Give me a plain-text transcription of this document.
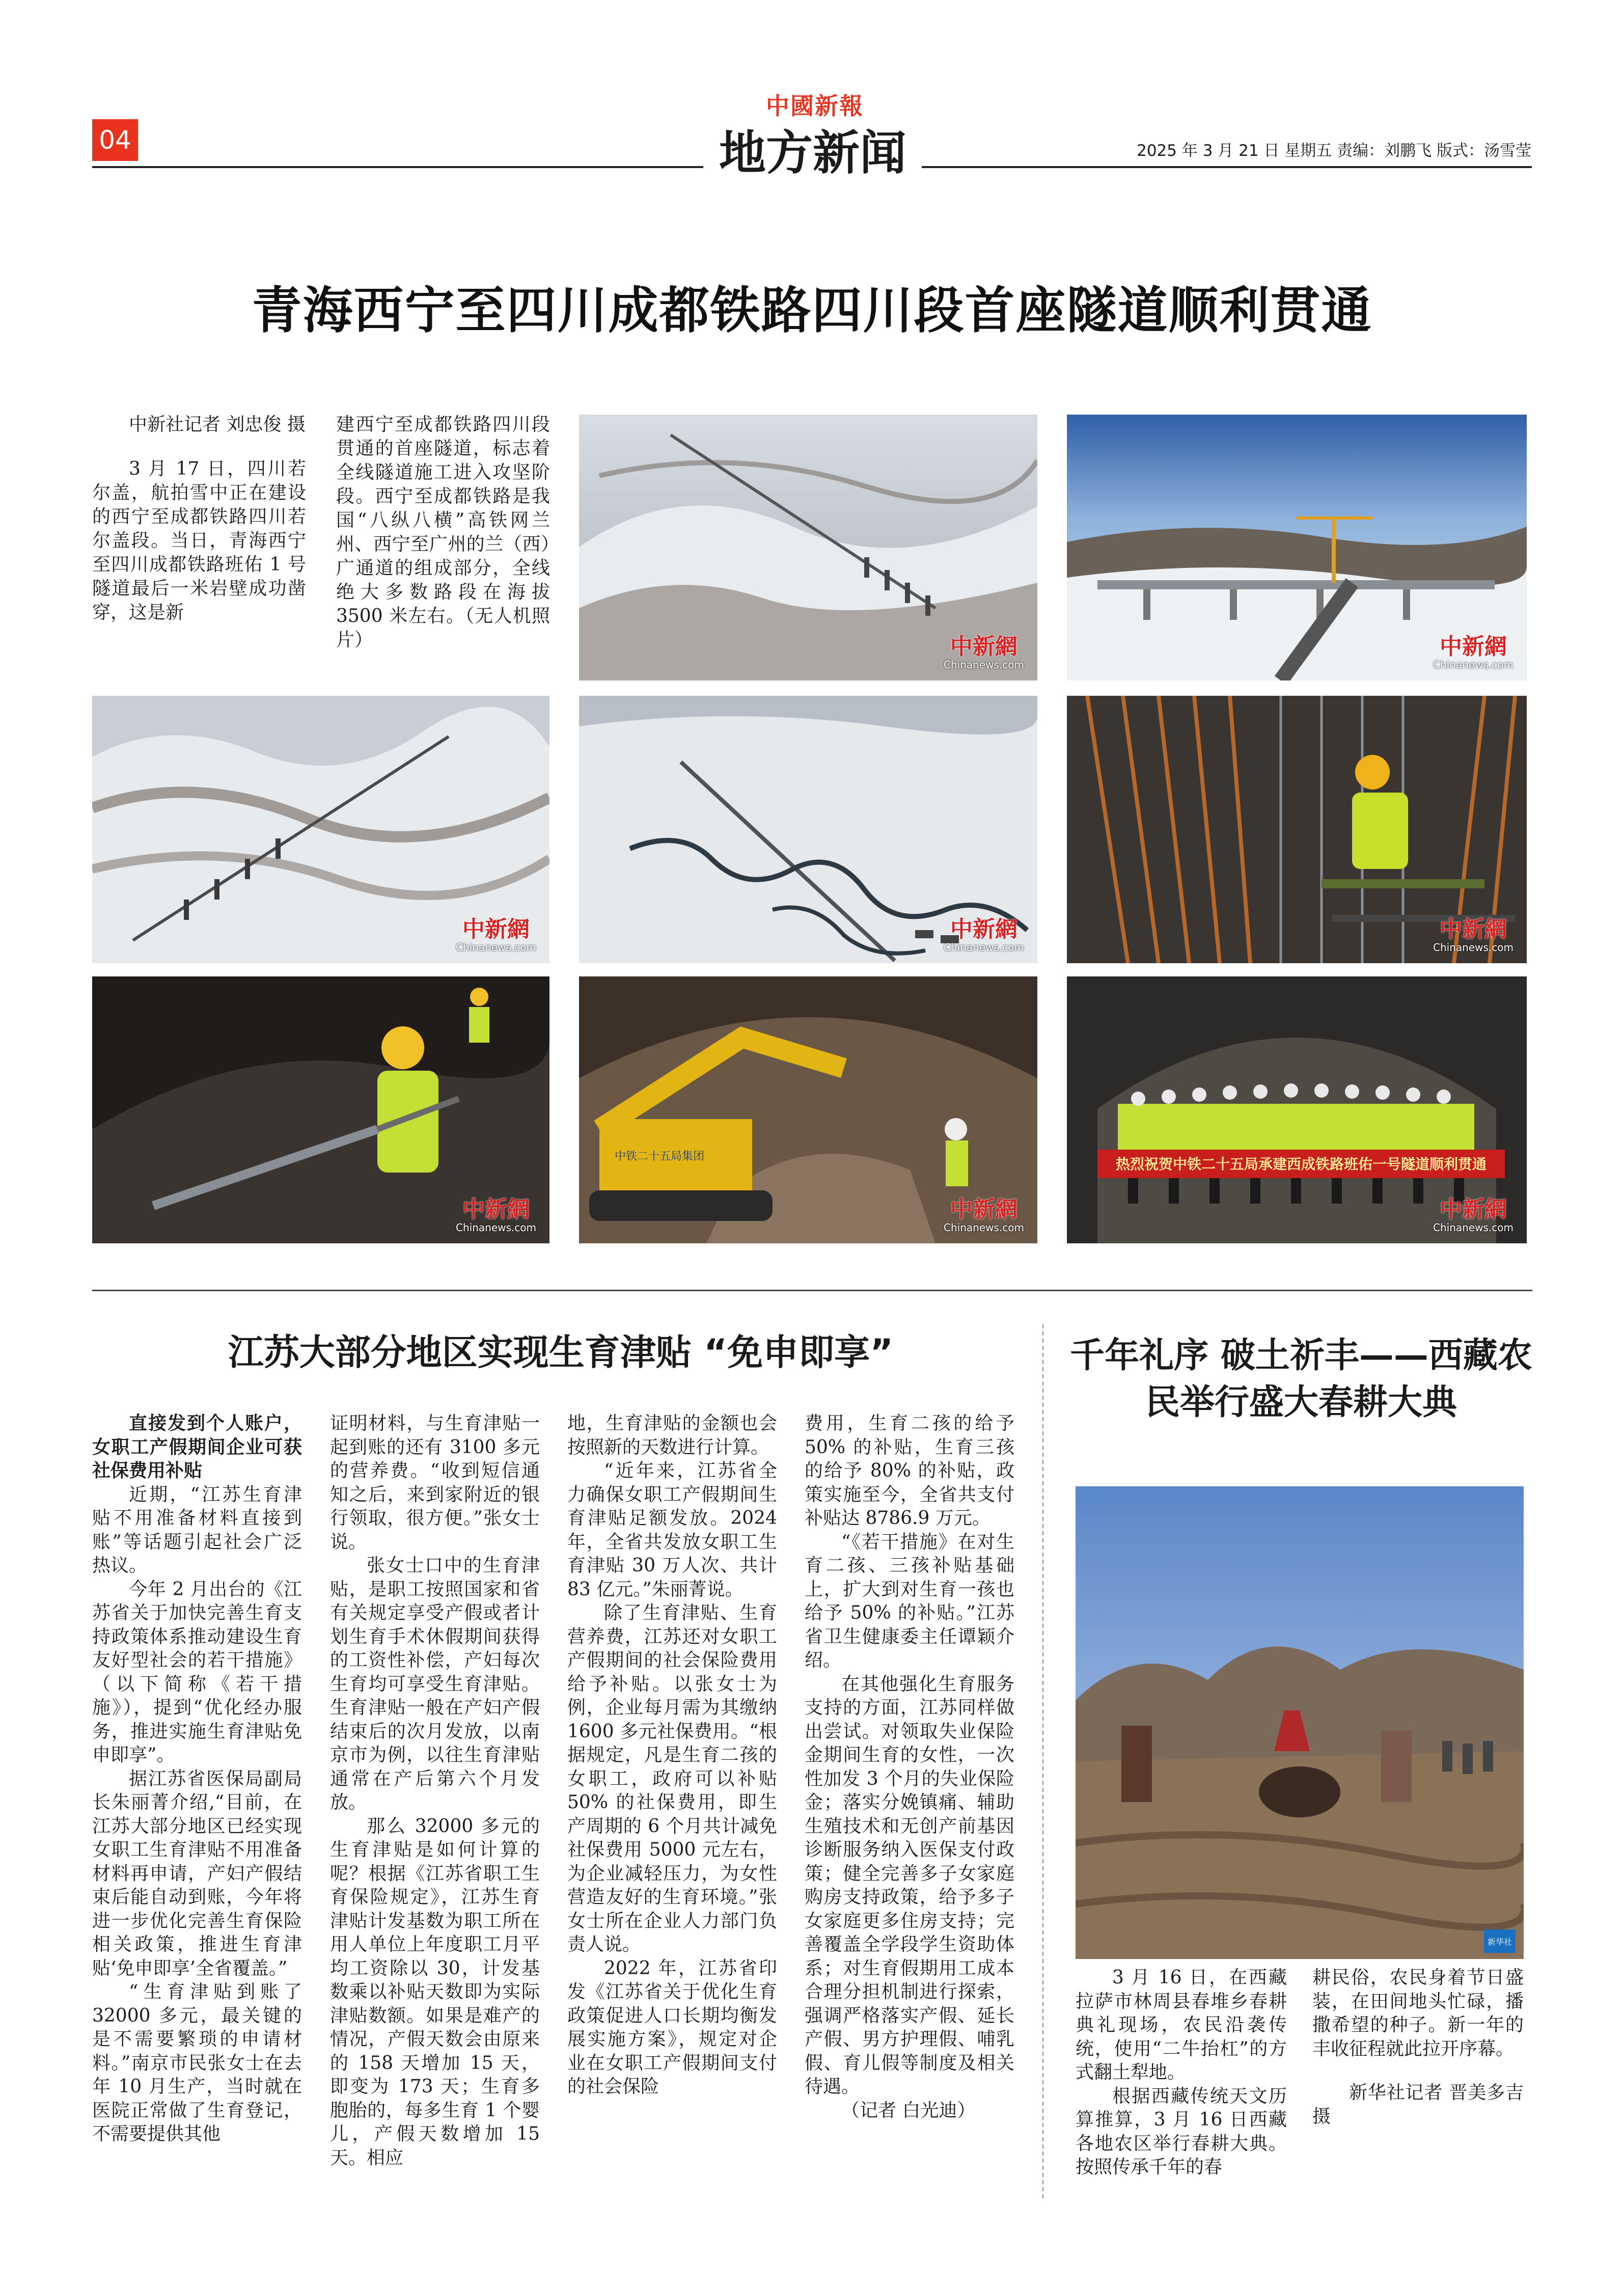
04
中國新報
地方新闻	2025 年 3 月 21 日 星期五 责编：刘鹏飞 版式：汤雪莹
青海西宁至四川成都铁路四川段首座隧道顺利贯通

中新社记者 刘忠俊 摄

3 月 17 日，四川若尔盖，航拍雪中正在建设的西宁至成都铁路四川若尔盖段。当日，青海西宁至四川成都铁路班佑 1 号隧道最后一米岩壁成功凿穿，这是新

建西宁至成都铁路四川段贯通的首座隧道，标志着全线隧道施工进入攻坚阶段。西宁至成都铁路是我国“八纵八横”高铁网兰州、西宁至广州的兰（西）广通道的组成部分，全线绝大多数路段在海拔 3500 米左右。（无人机照片）	中新網
Chinanews.com
中新網
Chinanews.com
中新網
Chinanews.com
中新網
Chinanews.com
中新網
Chinanews.com
中新網
Chinanews.com
中铁二十五局集团
中新網
Chinanews.com
热烈祝贺中铁二十五局承建西成铁路班佑一号隧道顺利贯通
中新網
Chinanews.com
江苏大部分地区实现生育津贴 “免申即享”

直接发到个人账户，女职工产假期间企业可获社保费用补贴

近期，“江苏生育津贴不用准备材料直接到账”等话题引起社会广泛热议。

今年 2 月出台的《江苏省关于加快完善生育支持政策体系推动建设生育友好型社会的若干措施》（以下简称《若干措施》），提到“优化经办服务，推进实施生育津贴免申即享”。

据江苏省医保局副局长朱丽菁介绍,“目前，在江苏大部分地区已经实现女职工生育津贴不用准备材料再申请，产妇产假结束后能自动到账，今年将进一步优化完善生育保险相关政策，推进生育津贴‘免申即享’全省覆盖。”

“生育津贴到账了 32000 多元，最关键的是不需要繁琐的申请材料。”南京市民张女士在去年 10 月生产，当时就在医院正常做了生育登记，不需要提供其他

证明材料，与生育津贴一起到账的还有 3100 多元的营养费。“收到短信通知之后，来到家附近的银行领取，很方便。”张女士说。

张女士口中的生育津贴，是职工按照国家和省有关规定享受产假或者计划生育手术休假期间获得的工资性补偿，产妇每次生育均可享受生育津贴。生育津贴一般在产妇产假结束后的次月发放，以南京市为例，以往生育津贴通常在产后第六个月发放。

那么 32000 多元的生育津贴是如何计算的呢？根据《江苏省职工生育保险规定》，江苏生育津贴计发基数为职工所在用人单位上年度职工月平均工资除以 30，计发基数乘以补贴天数即为实际津贴数额。如果是难产的情况，产假天数会由原来的 158 天增加 15 天，即变为 173 天；生育多胞胎的，每多生育 1 个婴儿，产假天数增加 15 天。相应

地，生育津贴的金额也会按照新的天数进行计算。

“近年来，江苏省全力确保女职工产假期间生育津贴足额发放。2024 年，全省共发放女职工生育津贴 30 万人次、共计 83 亿元。”朱丽菁说。

除了生育津贴、生育营养费，江苏还对女职工产假期间的社会保险费用给予补贴。以张女士为例，企业每月需为其缴纳 1600 多元社保费用。“根据规定，凡是生育二孩的女职工，政府可以补贴 50% 的社保费用，即生产周期的 6 个月共计减免社保费用 5000 元左右，为企业减轻压力，为女性营造友好的生育环境。”张女士所在企业人力部门负责人说。

2022 年，江苏省印发《江苏省关于优化生育政策促进人口长期均衡发展实施方案》，规定对企业在女职工产假期间支付的社会保险

费用，生育二孩的给予 50% 的补贴，生育三孩的给予 80% 的补贴，政策实施至今，全省共支付补贴达 8786.9 万元。

“《若干措施》在对生育二孩、三孩补贴基础上，扩大到对生育一孩也给予 50% 的补贴。”江苏省卫生健康委主任谭颖介绍。

在其他强化生育服务支持的方面，江苏同样做出尝试。对领取失业保险金期间生育的女性，一次性加发 3 个月的失业保险金；落实分娩镇痛、辅助生殖技术和无创产前基因诊断服务纳入医保支付政策；健全完善多子女家庭购房支持政策，给予多子女家庭更多住房支持；完善覆盖全学段学生资助体系；对生育假期用工成本合理分担机制进行探索，强调严格落实产假、延长产假、男方护理假、哺乳假、育儿假等制度及相关待遇。

（记者 白光迪）

千年礼序 破土祈丰——西藏农民举行盛大春耕大典
新华社

3 月 16 日，在西藏拉萨市林周县春堆乡春耕典礼现场，农民沿袭传统，使用“二牛抬杠”的方式翻土犁地。

根据西藏传统天文历算推算，3 月 16 日西藏各地农区举行春耕大典。按照传承千年的春

耕民俗，农民身着节日盛装，在田间地头忙碌，播撒希望的种子。新一年的丰收征程就此拉开序幕。

新华社记者 晋美多吉 摄
